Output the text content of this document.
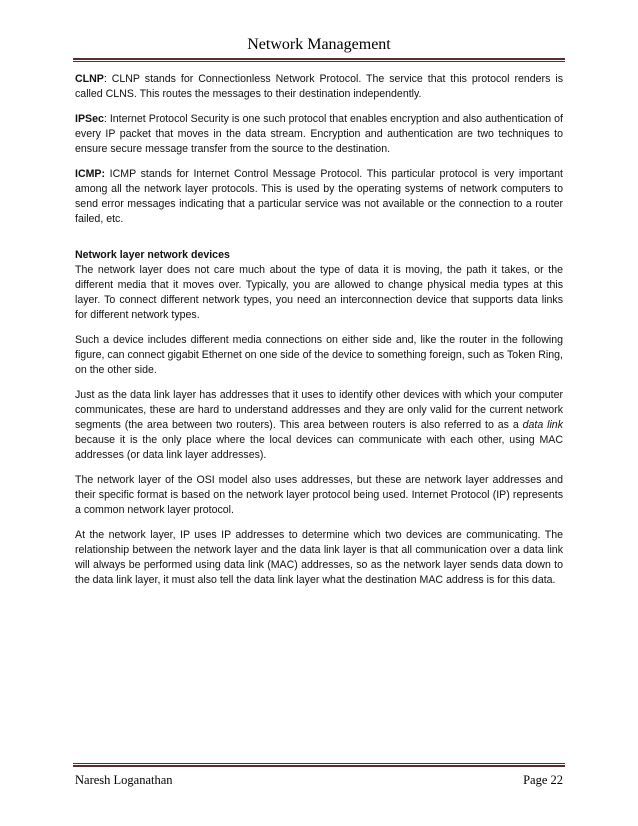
Network Management

CLNP: CLNP stands for Connectionless Network Protocol. The service that this protocol renders is called CLNS. This routes the messages to their destination independently.

IPSec: Internet Protocol Security is one such protocol that enables encryption and also authentication of every IP packet that moves in the data stream. Encryption and authentication are two techniques to ensure secure message transfer from the source to the destination.

ICMP: ICMP stands for Internet Control Message Protocol. This particular protocol is very important among all the network layer protocols. This is used by the operating systems of network computers to send error messages indicating that a particular service was not available or the connection to a router failed, etc.

Network layer network devices
The network layer does not care much about the type of data it is moving, the path it takes, or the different media that it moves over. Typically, you are allowed to change physical media types at this layer. To connect different network types, you need an interconnection device that supports data links for different network types.

Such a device includes different media connections on either side and, like the router in the following figure, can connect gigabit Ethernet on one side of the device to something foreign, such as Token Ring, on the other side.

Just as the data link layer has addresses that it uses to identify other devices with which your computer communicates, these are hard to understand addresses and they are only valid for the current network segments (the area between two routers). This area between routers is also referred to as a data link because it is the only place where the local devices can communicate with each other, using MAC addresses (or data link layer addresses).

The network layer of the OSI model also uses addresses, but these are network layer addresses and their specific format is based on the network layer protocol being used. Internet Protocol (IP) represents a common network layer protocol.

At the network layer, IP uses IP addresses to determine which two devices are communicating. The relationship between the network layer and the data link layer is that all communication over a data link will always be performed using data link (MAC) addresses, so as the network layer sends data down to the data link layer, it must also tell the data link layer what the destination MAC address is for this data.

Naresh Loganathan	Page 22
